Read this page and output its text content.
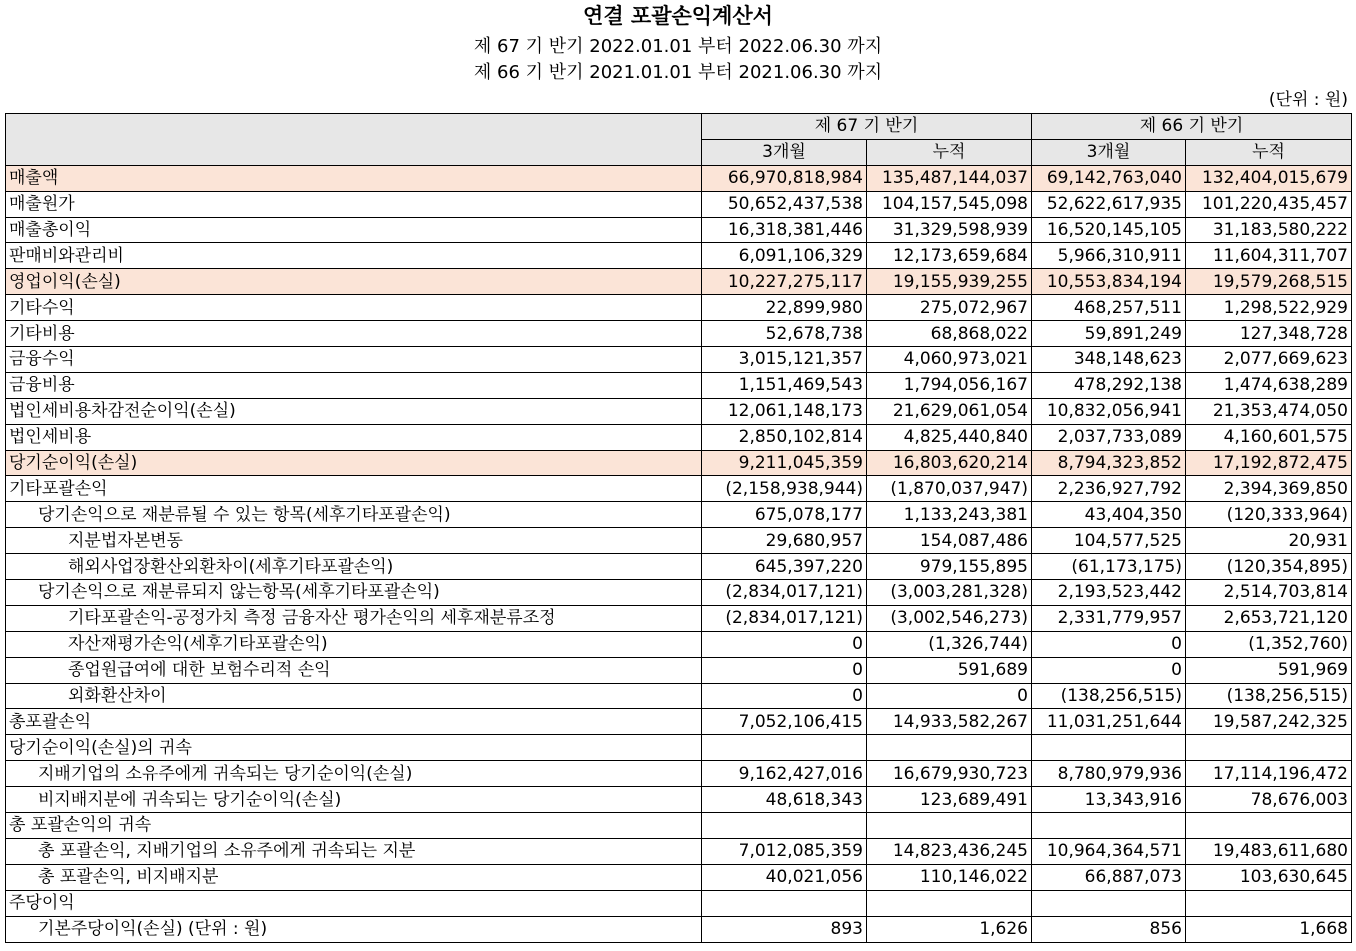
연결 포괄손익계산서
제 67 기 반기 2022.01.01 부터 2022.06.30 까지
제 66 기 반기 2021.01.01 부터 2021.06.30 까지
(단위 : 원)
	제 67 기 반기		제 66 기 반기	
	3개월	누적	3개월	누적
매출액	66,970,818,984	135,487,144,037	69,142,763,040	132,404,015,679
매출원가	50,652,437,538	104,157,545,098	52,622,617,935	101,220,435,457
매출총이익	16,318,381,446	31,329,598,939	16,520,145,105	31,183,580,222
판매비와관리비	6,091,106,329	12,173,659,684	5,966,310,911	11,604,311,707
영업이익(손실)	10,227,275,117	19,155,939,255	10,553,834,194	19,579,268,515
기타수익	22,899,980	275,072,967	468,257,511	1,298,522,929
기타비용	52,678,738	68,868,022	59,891,249	127,348,728
금융수익	3,015,121,357	4,060,973,021	348,148,623	2,077,669,623
금융비용	1,151,469,543	1,794,056,167	478,292,138	1,474,638,289
법인세비용차감전순이익(손실)	12,061,148,173	21,629,061,054	10,832,056,941	21,353,474,050
법인세비용	2,850,102,814	4,825,440,840	2,037,733,089	4,160,601,575
당기순이익(손실)	9,211,045,359	16,803,620,214	8,794,323,852	17,192,872,475
기타포괄손익	(2,158,938,944)	(1,870,037,947)	2,236,927,792	2,394,369,850
당기손익으로 재분류될 수 있는 항목(세후기타포괄손익)	675,078,177	1,133,243,381	43,404,350	(120,333,964)
지분법자본변동	29,680,957	154,087,486	104,577,525	20,931
해외사업장환산외환차이(세후기타포괄손익)	645,397,220	979,155,895	(61,173,175)	(120,354,895)
당기손익으로 재분류되지 않는항목(세후기타포괄손익)	(2,834,017,121)	(3,003,281,328)	2,193,523,442	2,514,703,814
기타포괄손익-공정가치 측정 금융자산 평가손익의 세후재분류조정	(2,834,017,121)	(3,002,546,273)	2,331,779,957	2,653,721,120
자산재평가손익(세후기타포괄손익)	0	(1,326,744)	0	(1,352,760)
종업원급여에 대한 보험수리적 손익	0	591,689	0	591,969
외화환산차이	0	0	(138,256,515)	(138,256,515)
총포괄손익	7,052,106,415	14,933,582,267	11,031,251,644	19,587,242,325
당기순이익(손실)의 귀속				
지배기업의 소유주에게 귀속되는 당기순이익(손실)	9,162,427,016	16,679,930,723	8,780,979,936	17,114,196,472
비지배지분에 귀속되는 당기순이익(손실)	48,618,343	123,689,491	13,343,916	78,676,003
총 포괄손익의 귀속				
총 포괄손익, 지배기업의 소유주에게 귀속되는 지분	7,012,085,359	14,823,436,245	10,964,364,571	19,483,611,680
총 포괄손익, 비지배지분	40,021,056	110,146,022	66,887,073	103,630,645
주당이익				
기본주당이익(손실) (단위 : 원)	893	1,626	856	1,668
